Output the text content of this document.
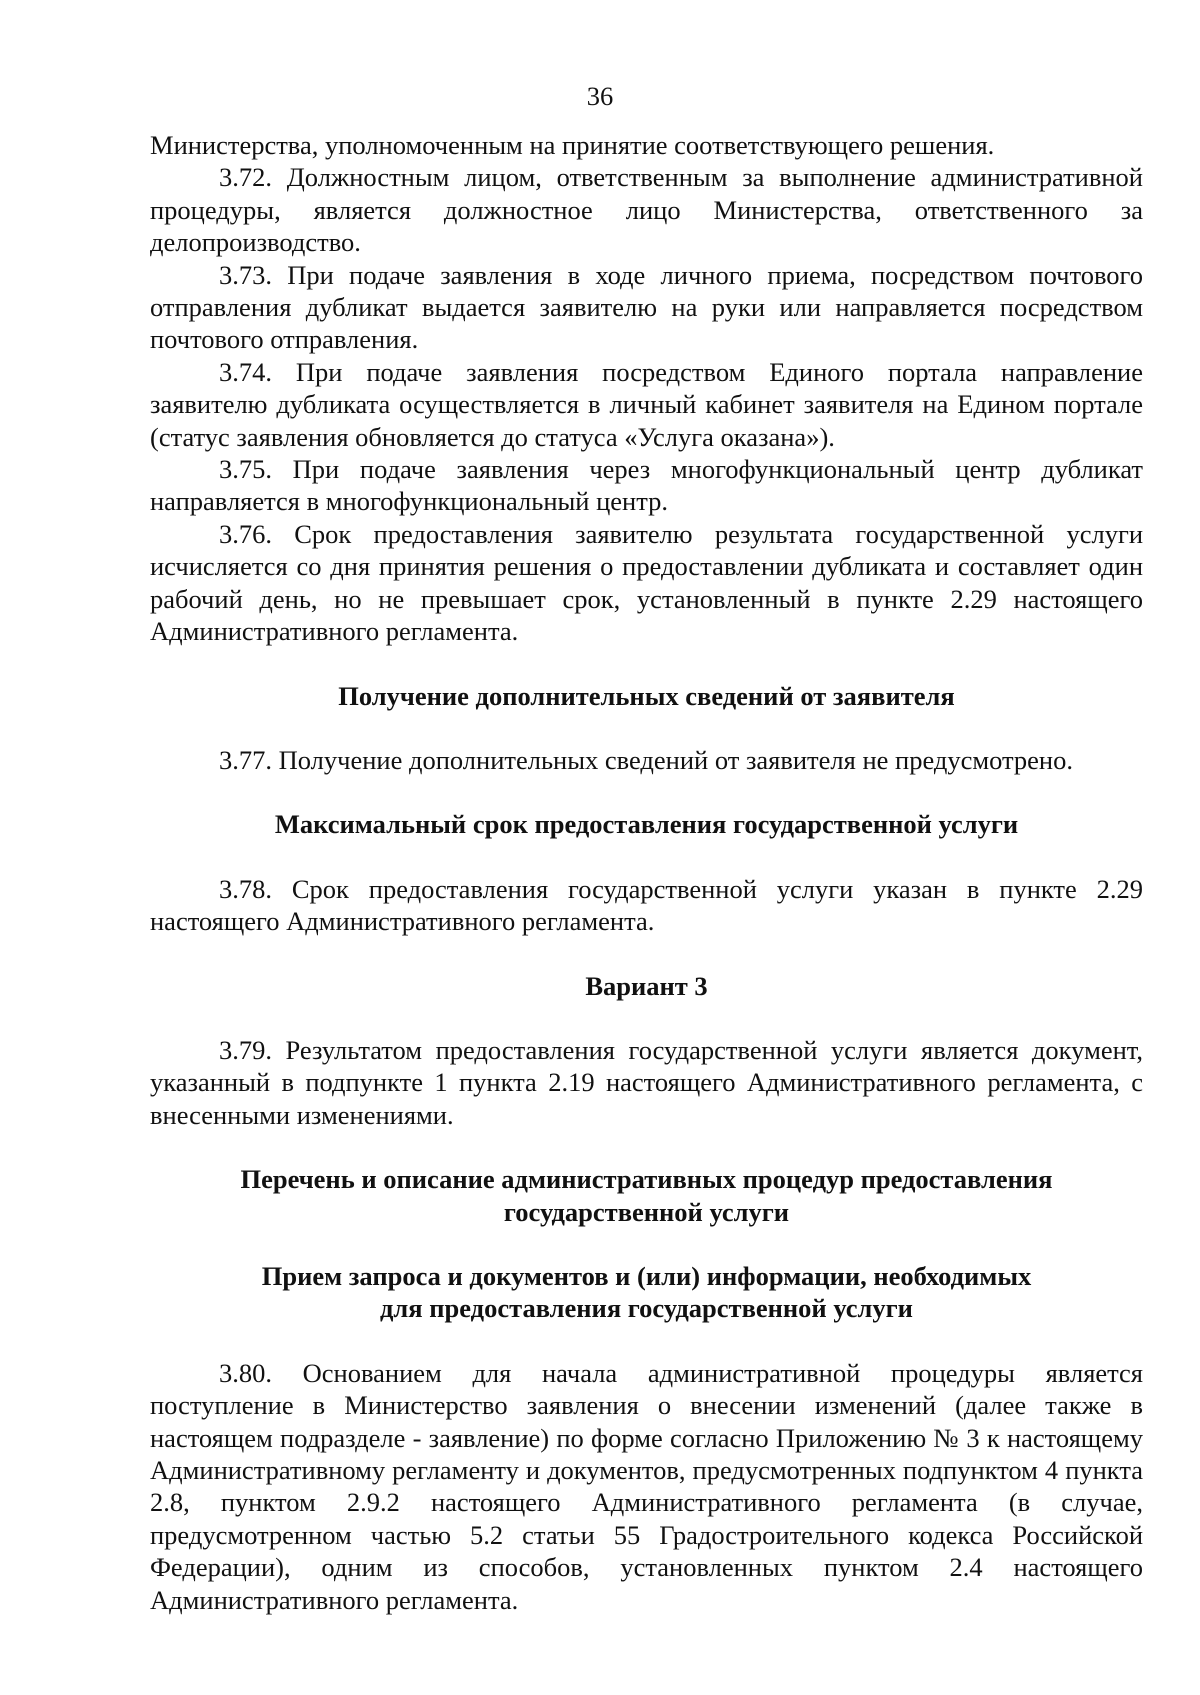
36

Министерства, уполномоченным на принятие соответствующего решения.

3.72. Должностным лицом, ответственным за выполнение административной процедуры, является должностное лицо Министерства, ответственного за делопроизводство.

3.73. При подаче заявления в ходе личного приема, посредством почтового отправления дубликат выдается заявителю на руки или направляется посредством почтового отправления.

3.74. При подаче заявления посредством Единого портала направление заявителю дубликата осуществляется в личный кабинет заявителя на Едином портале (статус заявления обновляется до статуса «Услуга оказана»).

3.75. При подаче заявления через многофункциональный центр дубликат направляется в многофункциональный центр.

3.76. Срок предоставления заявителю результата государственной услуги исчисляется со дня принятия решения о предоставлении дубликата и составляет один рабочий день, но не превышает срок, установленный в пункте 2.29 настоящего Административного регламента.

Получение дополнительных сведений от заявителя

3.77. Получение дополнительных сведений от заявителя не предусмотрено.

Максимальный срок предоставления государственной услуги

3.78. Срок предоставления государственной услуги указан в пункте 2.29 настоящего Административного регламента.

Вариант 3

3.79. Результатом предоставления государственной услуги является документ, указанный в подпункте 1 пункта 2.19 настоящего Административного регламента, с внесенными изменениями.

Перечень и описание административных процедур предоставления
государственной услуги

Прием запроса и документов и (или) информации, необходимых
для предоставления государственной услуги

3.80. Основанием для начала административной процедуры является поступление в Министерство заявления о внесении изменений (далее также в настоящем подразделе - заявление) по форме согласно Приложению № 3 к настоящему Административному регламенту и документов, предусмотренных подпунктом 4 пункта 2.8, пунктом 2.9.2 настоящего Административного регламента (в случае, предусмотренном частью 5.2 статьи 55 Градостроительного кодекса Российской Федерации), одним из способов, установленных пунктом 2.4 настоящего Административного регламента.
